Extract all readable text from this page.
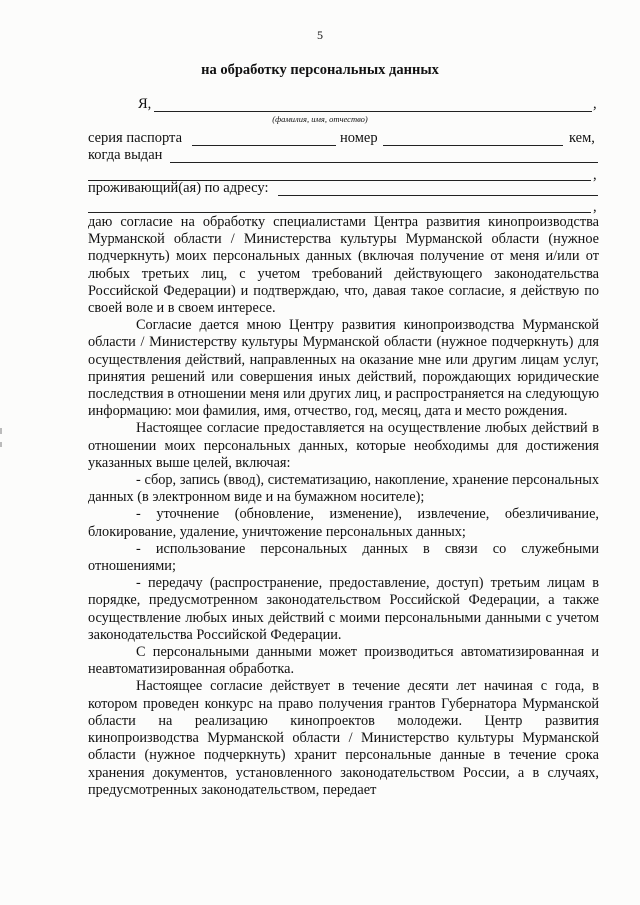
5
на обработку персональных данных
Я,	,
(фамилия, имя, отчество)
серия паспорта	номер	кем,
когда выдан
,
проживающий(ая) по адресу:
,

даю согласие на обработку специалистами Центра развития кинопроизводства Мурманской области / Министерства культуры Мурманской области (нужное подчеркнуть) моих персональных данных (включая получение от меня и/или от любых третьих лиц, с учетом требований действующего законодательства Российской Федерации) и подтверждаю, что, давая такое согласие, я действую по своей воле и в своем интересе.

Согласие дается мною Центру развития кинопроизводства Мурманской области / Министерству культуры Мурманской области (нужное подчеркнуть) для осуществления действий, направленных на оказание мне или другим лицам услуг, принятия решений или совершения иных действий, порождающих юридические последствия в отношении меня или других лиц, и распространяется на следующую информацию: мои фамилия, имя, отчество, год, месяц, дата и место рождения.

Настоящее согласие предоставляется на осуществление любых действий в отношении моих персональных данных, которые необходимы для достижения указанных выше целей, включая:

- сбор, запись (ввод), систематизацию, накопление, хранение персональных данных (в электронном виде и на бумажном носителе);

- уточнение (обновление, изменение), извлечение, обезличивание, блокирование, удаление, уничтожение персональных данных;

- использование персональных данных в связи со служебными отношениями;

- передачу (распространение, предоставление, доступ) третьим лицам в порядке, предусмотренном законодательством Российской Федерации, а также осуществление любых иных действий с моими персональными данными с учетом законодательства Российской Федерации.

С персональными данными может производиться автоматизированная и неавтоматизированная обработка.

Настоящее согласие действует в течение десяти лет начиная с года, в котором проведен конкурс на право получения грантов Губернатора Мурманской области на реализацию кинопроектов молодежи. Центр развития кинопроизводства Мурманской области / Министерство культуры Мурманской области (нужное подчеркнуть) хранит персональные данные в течение срока хранения документов, установленного законодательством России, а в случаях, предусмотренных законодательством, передает
